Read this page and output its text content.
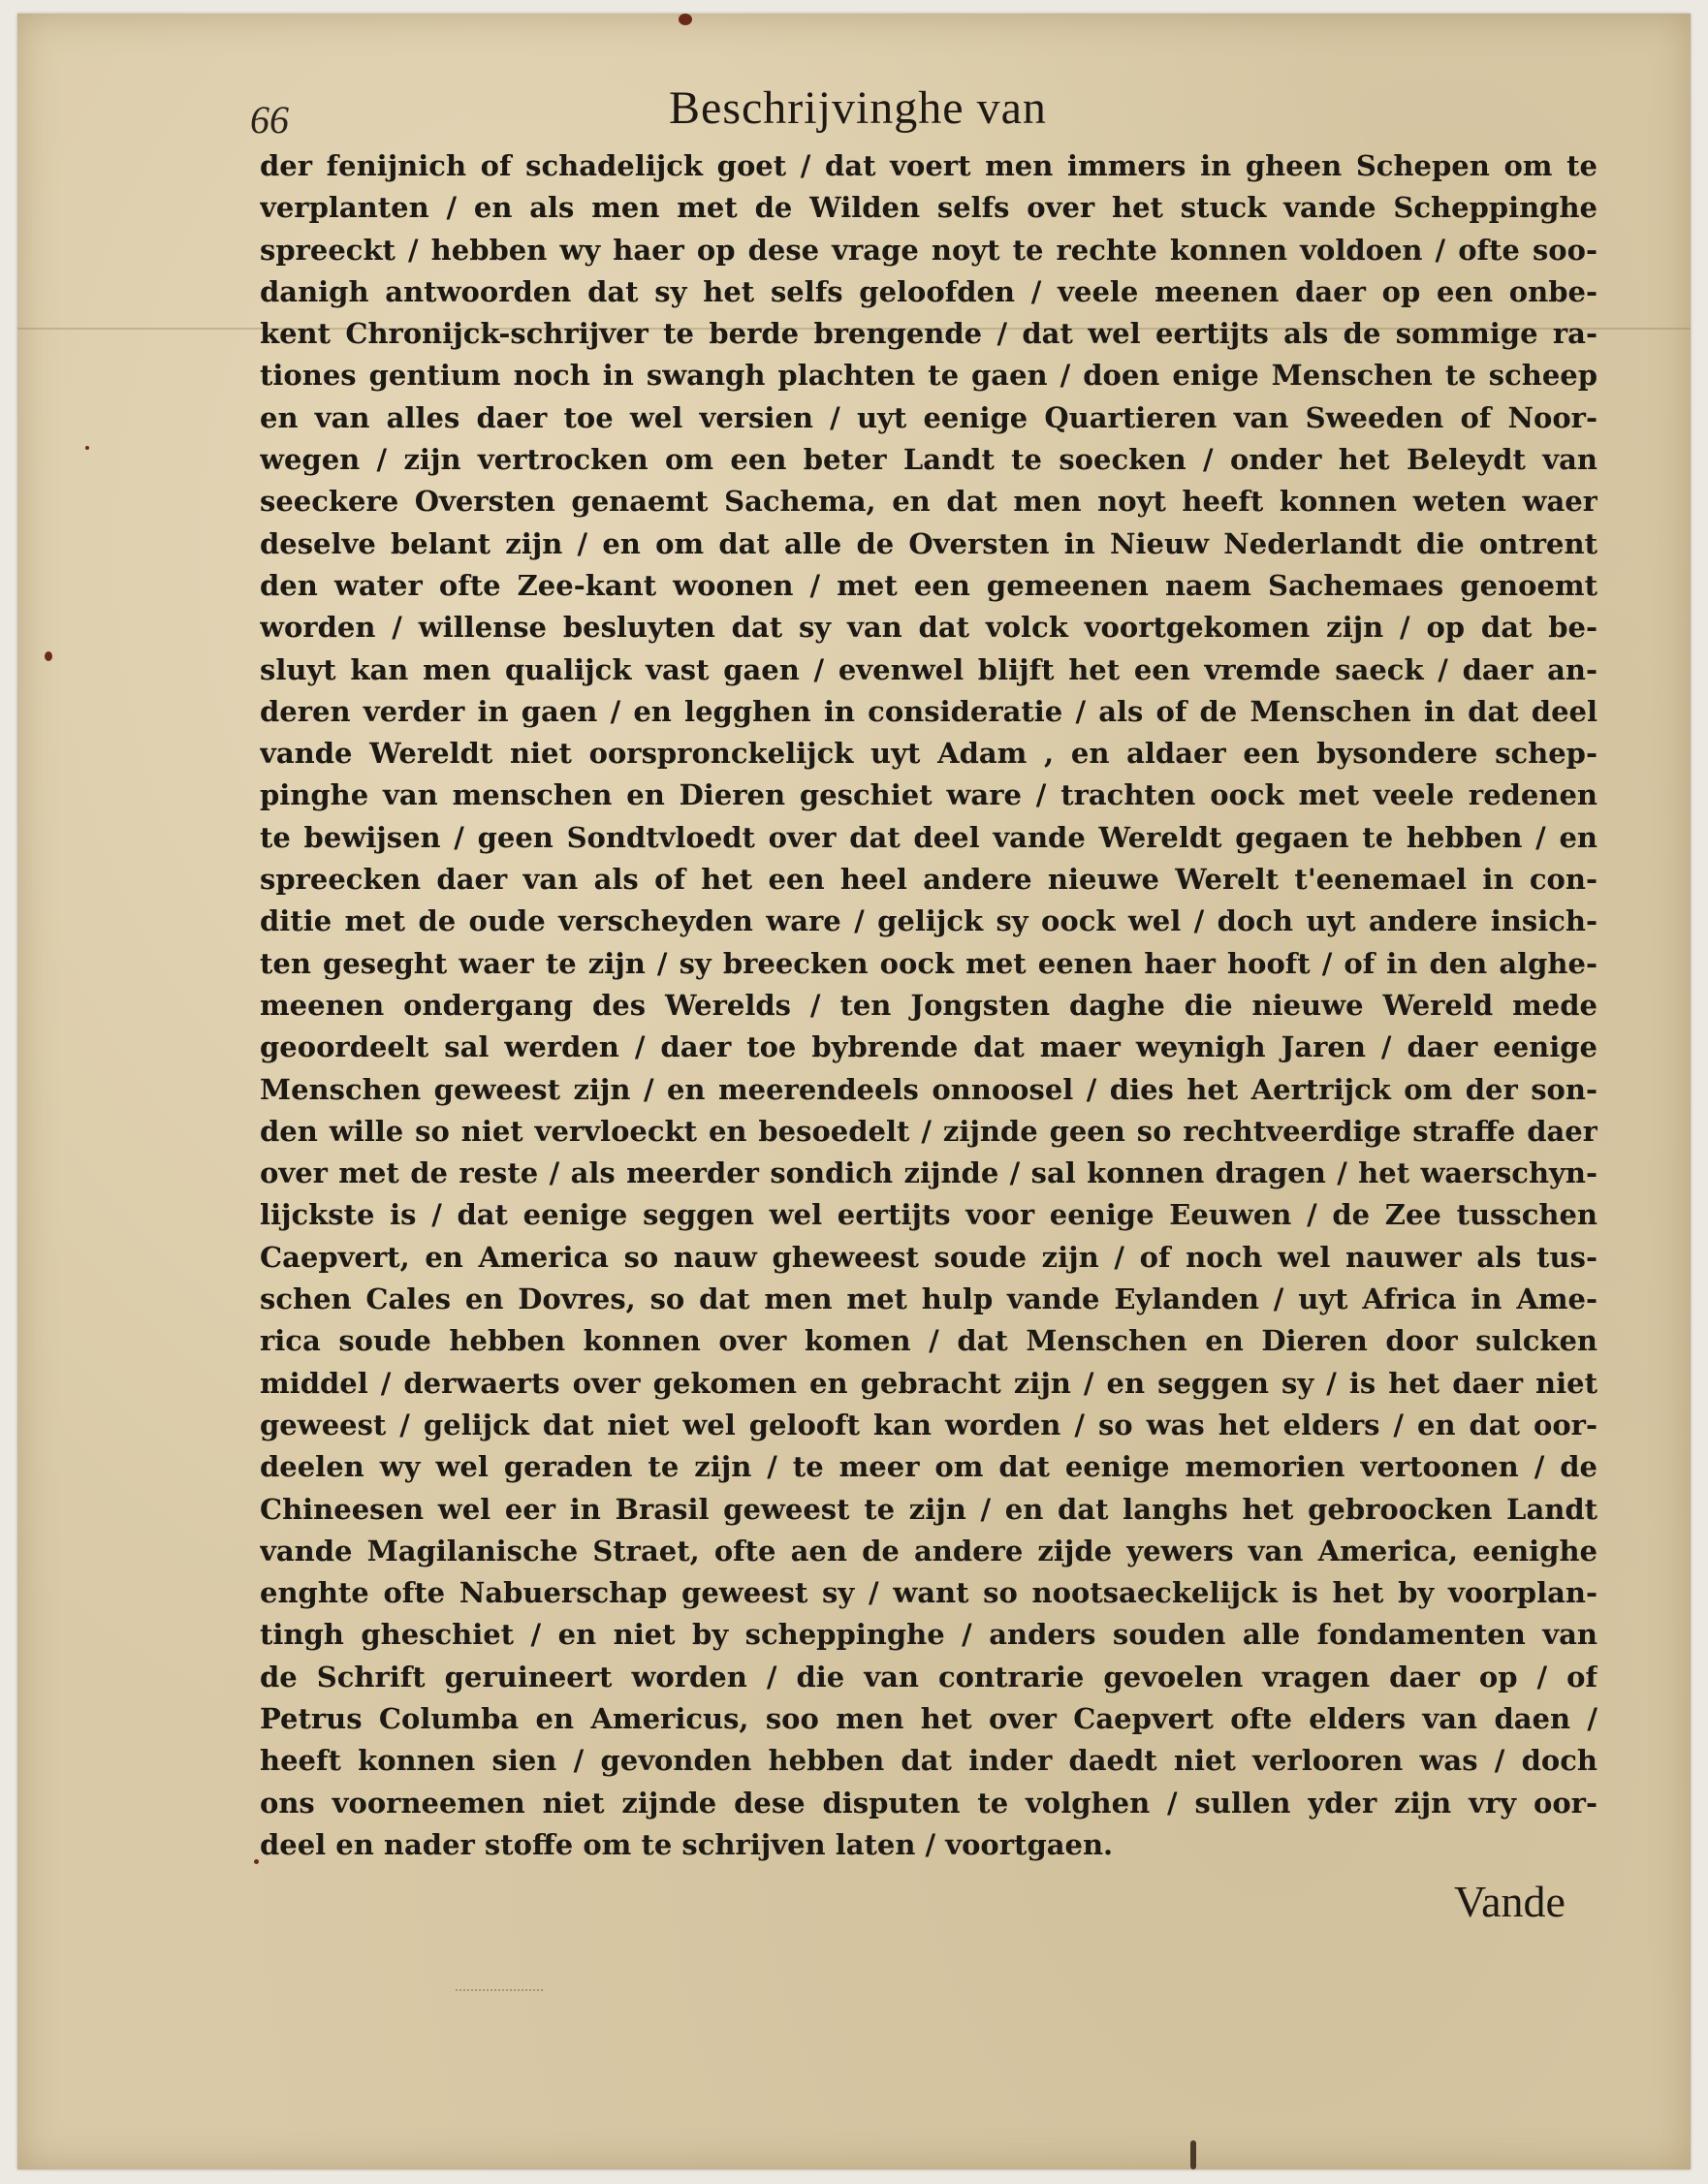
66	Beschrijvinghe van
der fenijnich of schadelijck goet / dat voert men immers in gheen Schepen om te
verplanten / en als men met de Wilden selfs over het stuck vande Scheppinghe
spreeckt / hebben wy haer op dese vrage noyt te rechte konnen voldoen / ofte soo-
danigh antwoorden dat sy het selfs geloofden / veele meenen daer op een onbe-
kent Chronijck-schrijver te berde brengende / dat wel eertijts als de sommige ra-
tiones gentium noch in swangh plachten te gaen / doen enige Menschen te scheep
en van alles daer toe wel versien / uyt eenige Quartieren van Sweeden of Noor-
wegen / zijn vertrocken om een beter Landt te soecken / onder het Beleydt van
seeckere Oversten genaemt Sachema, en dat men noyt heeft konnen weten waer
deselve belant zijn / en om dat alle de Oversten in Nieuw Nederlandt die ontrent
den water ofte Zee-kant woonen / met een gemeenen naem Sachemaes genoemt
worden / willense besluyten dat sy van dat volck voortgekomen zijn / op dat be-
sluyt kan men qualijck vast gaen / evenwel blijft het een vremde saeck / daer an-
deren verder in gaen / en legghen in consideratie / als of de Menschen in dat deel
vande Wereldt niet oorspronckelijck uyt Adam , en aldaer een bysondere schep-
pinghe van menschen en Dieren geschiet ware / trachten oock met veele redenen
te bewijsen / geen Sondtvloedt over dat deel vande Wereldt gegaen te hebben / en
spreecken daer van als of het een heel andere nieuwe Werelt t'eenemael in con-
ditie met de oude verscheyden ware / gelijck sy oock wel / doch uyt andere insich-
ten geseght waer te zijn / sy breecken oock met eenen haer hooft / of in den alghe-
meenen ondergang des Werelds / ten Jongsten daghe die nieuwe Wereld mede
geoordeelt sal werden / daer toe bybrende dat maer weynigh Jaren / daer eenige
Menschen geweest zijn / en meerendeels onnoosel / dies het Aertrijck om der son-
den wille so niet vervloeckt en besoedelt / zijnde geen so rechtveerdige straffe daer
over met de reste / als meerder sondich zijnde / sal konnen dragen / het waerschyn-
lijckste is / dat eenige seggen wel eertijts voor eenige Eeuwen / de Zee tusschen
Caepvert, en America so nauw gheweest soude zijn / of noch wel nauwer als tus-
schen Cales en Dovres, so dat men met hulp vande Eylanden / uyt Africa in Ame-
rica soude hebben konnen over komen / dat Menschen en Dieren door sulcken
middel / derwaerts over gekomen en gebracht zijn / en seggen sy / is het daer niet
geweest / gelijck dat niet wel gelooft kan worden / so was het elders / en dat oor-
deelen wy wel geraden te zijn / te meer om dat eenige memorien vertoonen / de
Chineesen wel eer in Brasil geweest te zijn / en dat langhs het gebroocken Landt
vande Magilanische Straet, ofte aen de andere zijde yewers van America, eenighe
enghte ofte Nabuerschap geweest sy / want so nootsaeckelijck is het by voorplan-
tingh gheschiet / en niet by scheppinghe / anders souden alle fondamenten van
de Schrift geruineert worden / die van contrarie gevoelen vragen daer op / of
Petrus Columba en Americus, soo men het over Caepvert ofte elders van daen /
heeft konnen sien / gevonden hebben dat inder daedt niet verlooren was / doch
ons voorneemen niet zijnde dese disputen te volghen / sullen yder zijn vry oor-
deel en nader stoffe om te schrijven laten / voortgaen.
Vande
